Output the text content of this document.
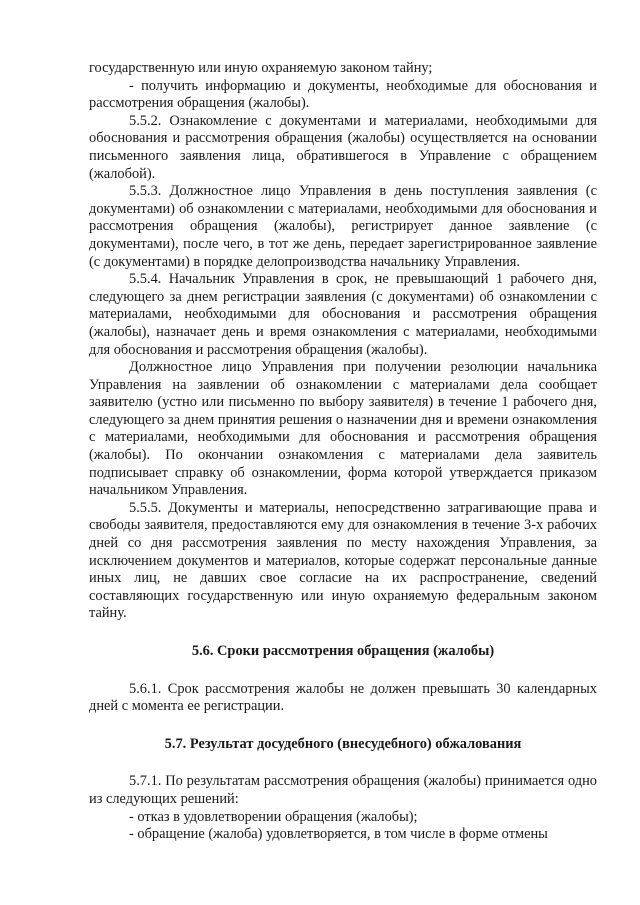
государственную или иную охраняемую законом тайну;

- получить информацию и документы, необходимые для обоснования и рассмотрения обращения (жалобы).

5.5.2. Ознакомление с документами и материалами, необходимыми для обоснования и рассмотрения обращения (жалобы) осуществляется на основании письменного заявления лица, обратившегося в Управление с обращением (жалобой).

5.5.3. Должностное лицо Управления в день поступления заявления (с документами) об ознакомлении с материалами, необходимыми для обоснования и рассмотрения обращения (жалобы), регистрирует данное заявление (с документами), после чего, в тот же день, передает зарегистрированное заявление (с документами) в порядке делопроизводства начальнику Управления.

5.5.4. Начальник Управления в срок, не превышающий 1 рабочего дня, следующего за днем регистрации заявления (с документами) об ознакомлении с материалами, необходимыми для обоснования и рассмотрения обращения (жалобы), назначает день и время ознакомления с материалами, необходимыми для обоснования и рассмотрения обращения (жалобы).

Должностное лицо Управления при получении резолюции начальника Управления на заявлении об ознакомлении с материалами дела сообщает заявителю (устно или письменно по выбору заявителя) в течение 1 рабочего дня, следующего за днем принятия решения о назначении дня и времени ознакомления с материалами, необходимыми для обоснования и рассмотрения обращения (жалобы). По окончании ознакомления с материалами дела заявитель подписывает справку об ознакомлении, форма которой утверждается приказом начальником Управления.

5.5.5. Документы и материалы, непосредственно затрагивающие права и свободы заявителя, предоставляются ему для ознакомления в течение 3-х рабочих дней со дня рассмотрения заявления по месту нахождения Управления, за исключением документов и материалов, которые содержат персональные данные иных лиц, не давших свое согласие на их распространение, сведений составляющих государственную или иную охраняемую федеральным законом тайну.

5.6. Сроки рассмотрения обращения (жалобы)

5.6.1. Срок рассмотрения жалобы не должен превышать 30 календарных дней с момента ее регистрации.

5.7. Результат досудебного (внесудебного) обжалования

5.7.1. По результатам рассмотрения обращения (жалобы) принимается одно из следующих решений:

- отказ в удовлетворении обращения (жалобы);

- обращение (жалоба) удовлетворяется, в том числе в форме отмены
